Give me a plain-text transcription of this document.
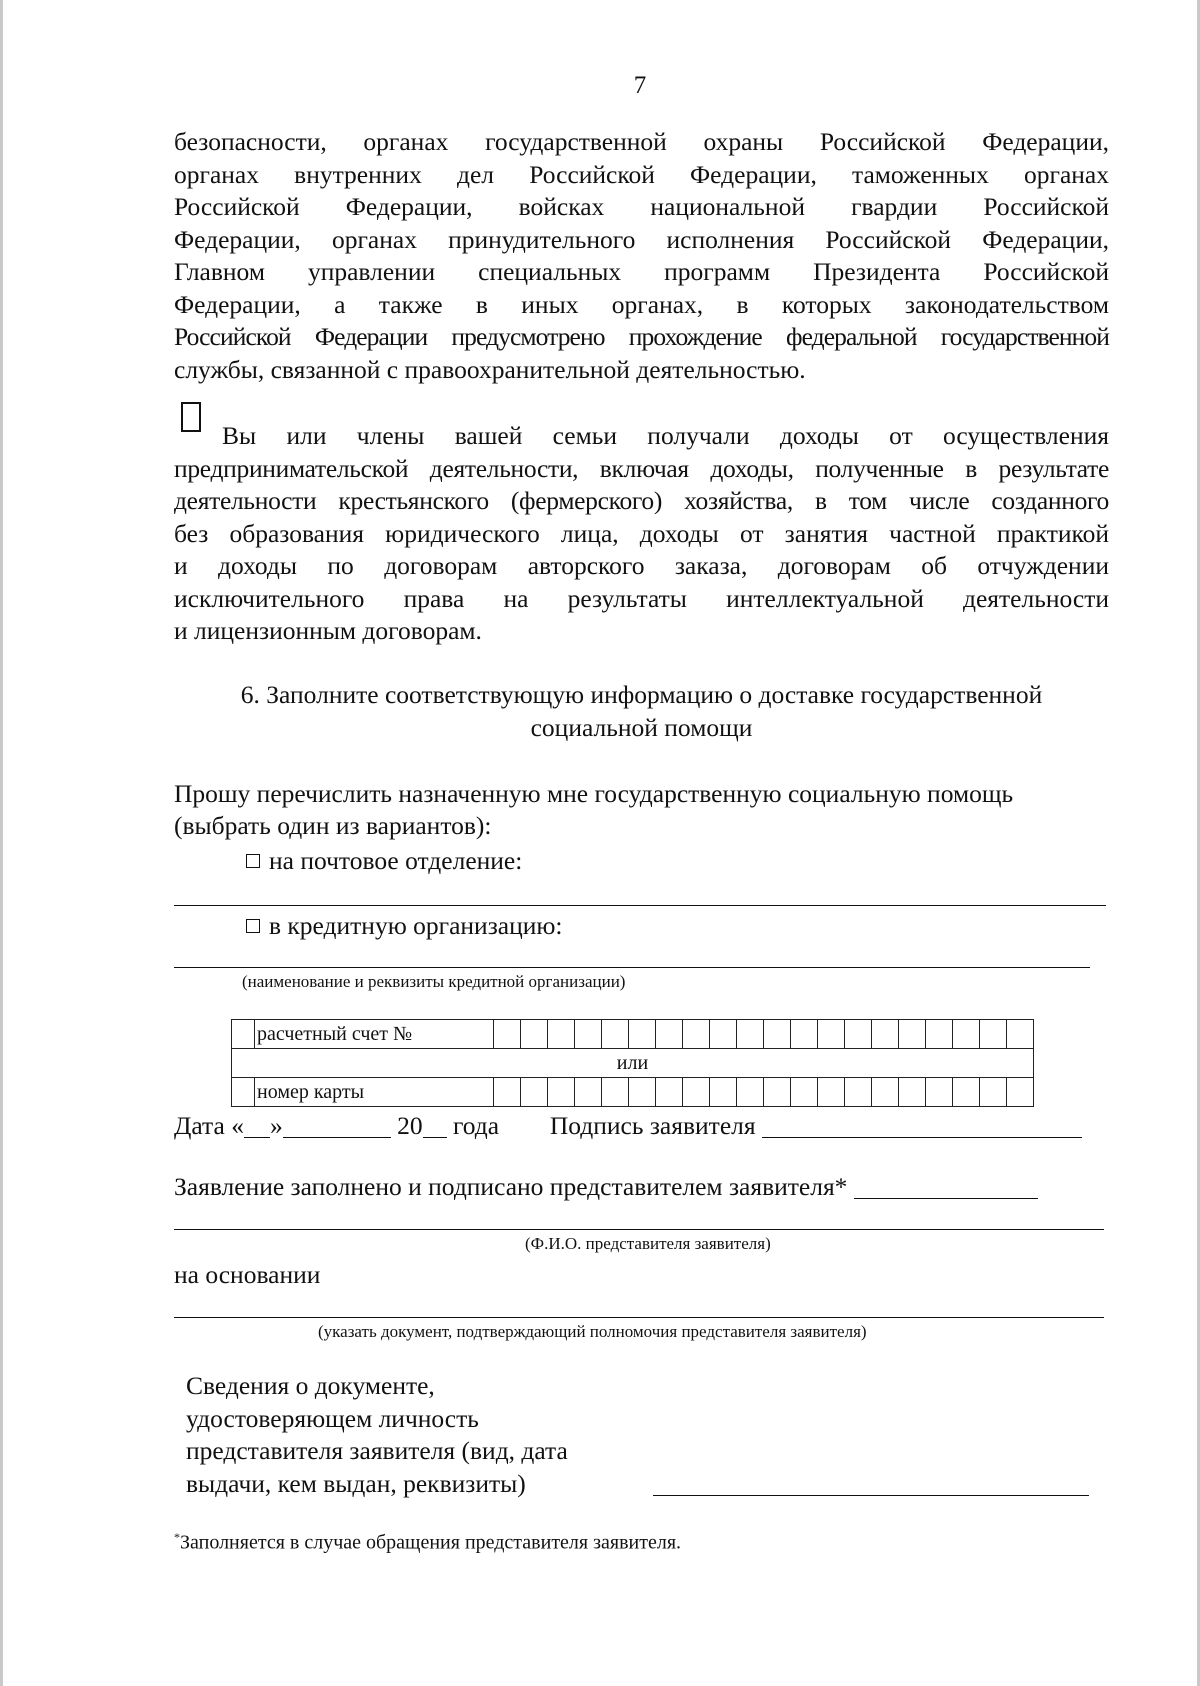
7
безопасности, органах государственной охраны Российской Федерации,
органах внутренних дел Российской Федерации, таможенных органах
Российской Федерации, войсках национальной гвардии Российской
Федерации, органах принудительного исполнения Российской Федерации,
Главном управлении специальных программ Президента Российской
Федерации, а также в иных органах, в которых законодательством
Российской Федерации предусмотрено прохождение федеральной государственной
службы, связанной с правоохранительной деятельностью.
Вы или члены вашей семьи получали доходы от осуществления
предпринимательской деятельности, включая доходы, полученные в результате
деятельности крестьянского (фермерского) хозяйства, в том числе созданного
без образования юридического лица, доходы от занятия частной практикой
и доходы по договорам авторского заказа, договорам об отчуждении
исключительного права на результаты интеллектуальной деятельности
и лицензионным договорам.
6. Заполните соответствующую информацию о доставке государственной
социальной помощи
Прошу перечислить назначенную мне государственную социальную помощь
(выбрать один из вариантов):
на почтовое отделение:
в кредитную организацию:
(наименование и реквизиты кредитной организации)
	расчетный счет №																				
или																					
	номер карты																				
Дата « »	20 года Подпись заявителя
Заявление заполнено и подписано представителем заявителя*
(Ф.И.О. представителя заявителя)
на основании
(указать документ, подтверждающий полномочия представителя заявителя)
Сведения о документе,
удостоверяющем личность
представителя заявителя (вид, дата
выдачи, кем выдан, реквизиты)
*Заполняется в случае обращения представителя заявителя.
